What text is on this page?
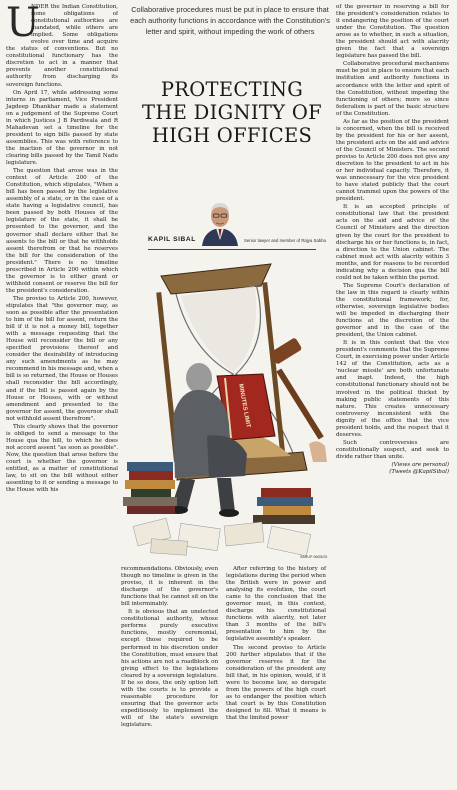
U

NDER the Indian Constitution, some obligations of constitutional authorities are mandated, while others are implied. Some obligations evolve over time and acquire the status of conventions. But no constitutional functionary has the discretion to act in a manner that prevents another constitutional authority from discharging its sovereign functions.

On April 17, while addressing some interns in parliament, Vice President Jagdeep Dhankhar made a statement on a judgement of the Supreme Court in which Justices J B Pardiwala and R Mahadevan set a timeline for the president to sign bills passed by state assemblies. This was with reference to the inaction of the governor in not clearing bills passed by the Tamil Nadu legislature.

The question that arose was in the context of Article 200 of the Constitution, which stipulates, "When a bill has been passed by the legislative assembly of a state, or in the case of a state having a legislative council, has been passed by both Houses of the legislature of the state, it shall be presented to the governor, and the governor shall declare either that he assents to the bill or that he withholds assent therefrom or that he reserves the bill for the consideration of the president." There is no timeline prescribed in Article 200 within which the governor is to either grant or withhold consent or reserve the bill for the president's consideration.

The proviso to Article 200, however, stipulates that "the governor may, as soon as possible after the presentation to him of the bill for assent, return the bill if it is not a money bill, together with a message requesting that the House will reconsider the bill or any specified provisions thereof and consider the desirability of introducing any such amendments as he may recommend in his message and, when a bill is so returned, the House or Houses shall reconsider the bill accordingly, and if the bill is passed again by the House or Houses, with or without amendment and presented to the governor for assent, the governor shall not withhold assent therefrom".

This clearly shows that the governor is obliged to send a message to the House qua the bill, to which he does not accord assent "as soon as possible". Now, the question that arose before the court is whether the governor is entitled, as a matter of constitutional law, to sit on the bill without either assenting to it or sending a message to the House with his

Collaborative procedures must be put in place to ensure that each authority functions in accordance with the Constitution's letter and spirit, without impeding the work of others
PROTECTING
THE DIGNITY OF
HIGH OFFICES
KAPIL SIBAL	Senior lawyer and member of Rajya Sabha
MINUTES LIMIT
SARUP 06/05/25

recommendations. Obviously, even though no timeline is given in the proviso, it is inherent in the discharge of the governor's functions that he cannot sit on the bill interminably.

It is obvious that an unelected constitutional authority, whose performs purely executive functions, mostly ceremonial, except those required to be performed in his discretion under the Constitution, must ensure that his actions are not a roadblock on giving effect to the legislations cleared by a sovereign legislature. If he so does, the only option left with the courts is to provide a reasonable procedure for ensuring that the governor acts expeditiously to implement the will of the state's sovereign legislature.

After referring to the history of legislations during the period when the British were in power and analysing its evolution, the court came to the conclusion that the governor must, in this context, discharge his constitutional functions with alacrity, not later than 3 months of the bill's presentation to him by the legislative assembly's speaker.

The second proviso to Article 200 further stipulates that if the governor reserves it for the consideration of the president any bill that, in his opinion, would, if it were to become law, so derogate from the powers of the high court as to endanger the position which that court is by this Constitution designed to fill. What it means is that the limited power

of the governor in reserving a bill for the president's consideration relates to it endangering the position of the court under the Constitution. The question arose as to whether, in such a situation, the president should act with alacrity given the fact that a sovereign legislature has passed the bill.

Collaborative procedural mechanisms must be put in place to ensure that each institution and authority functions in accordance with the letter and spirit of the Constitution, without impeding the functioning of others; more so since federalism is part of the basic structure of the Constitution.

As far as the position of the president is concerned, when the bill is received by the president for his or her assent, the president acts on the aid and advice of the Council of Ministers. The second proviso to Article 200 does not give any discretion to the president to act in his or her individual capacity. Therefore, it was unnecessary for the vice president to have stated publicly that the court cannot trammel upon the powers of the president.

It is an accepted principle of constitutional law that the president acts on the aid and advice of the Council of Ministers and the direction given by the court for the president to discharge his or her functions is, in fact, a direction to the Union cabinet. The cabinet must act with alacrity within 3 months, and for reasons to be recorded indicating why a decision qua the bill could not be taken within the period.

The Supreme Court's declaration of the law in this regard is clearly within the constitutional framework; for, otherwise, sovereign legislative bodies will be impeded in discharging their functions at the discretion of the governor and in the case of the president, the Union cabinet.

It is in this context that the vice president's comments that the Supreme Court, in exercising power under Article 142 of the Constitution, acts as a 'nuclear missile' are both unfortunate and inapt. Indeed, the high constitutional functionary should not be involved in the political thicket by making public statements of this nature. This creates unnecessary controversy inconsistent with the dignity of the office that the vice president holds, and the respect that it deserves.

Such controversies are constitutionally suspect, and seek to divide rather than unite.

(Views are personal)
(Tweets @KapilSibal)
